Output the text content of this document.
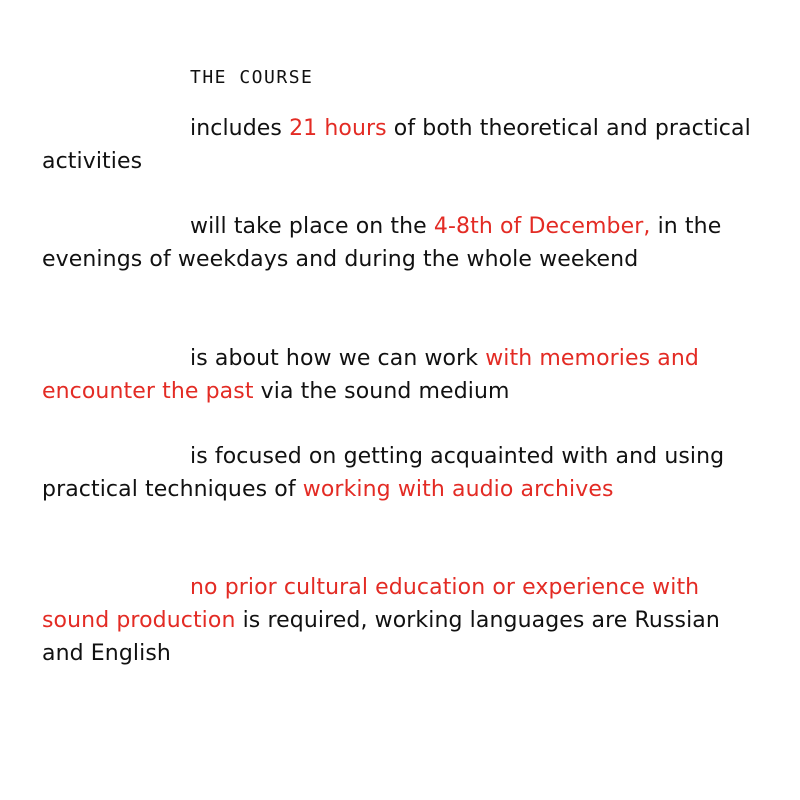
THE COURSE

includes 21 hours of both theoretical and practical activities

will take place on the 4-8th of December, in the evenings of weekdays and during the whole weekend

is about how we can work with memories and encounter the past via the sound medium

is focused on getting acquainted with and using practical techniques of working with audio archives

no prior cultural education or experience with sound production is required, working languages are Russian and English
